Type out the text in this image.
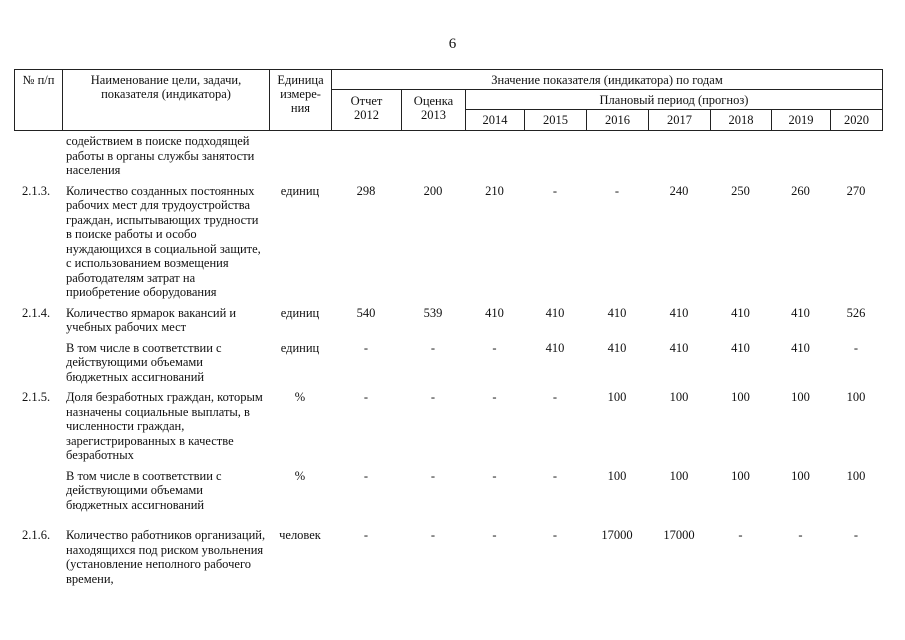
6
№ п/п	Наименование цели, задачи, показателя (индикатора)	Единица измере-ния	Значение показателя (индикатора) по годам								
			Отчет 2012	Оценка 2013	Плановый период (прогноз)						
					2014	2015	2016	2017	2018	2019	2020
	содействием в поиске подходящей работы в органы службы занятости населения										

2.1.3.	Количество созданных постоянных рабочих мест для трудоустройства граждан, испытывающих трудности в поиске работы и особо нуждающихся в социальной защите, с использованием возмещения работодателям затрат на приобретение оборудования	единиц	298	200	210	-	-	240	250	260	270

2.1.4.	Количество ярмарок вакансий и учебных рабочих мест	единиц	540	539	410	410	410	410	410	410	526

	В том числе в соответствии с действующими объемами бюджетных ассигнований	единиц	-	-	-	410	410	410	410	410	-

2.1.5.	Доля безработных граждан, которым назначены социальные выплаты, в численности граждан, зарегистрированных в качестве безработных	%	-	-	-	-	100	100	100	100	100

	В том числе в соответствии с действующими объемами бюджетных ассигнований	%	-	-	-	-	100	100	100	100	100

2.1.6.	Количество работников организаций, находящихся под риском увольнения (установление неполного рабочего времени,	человек	-	-	-	-	17000	17000	-	-	-
